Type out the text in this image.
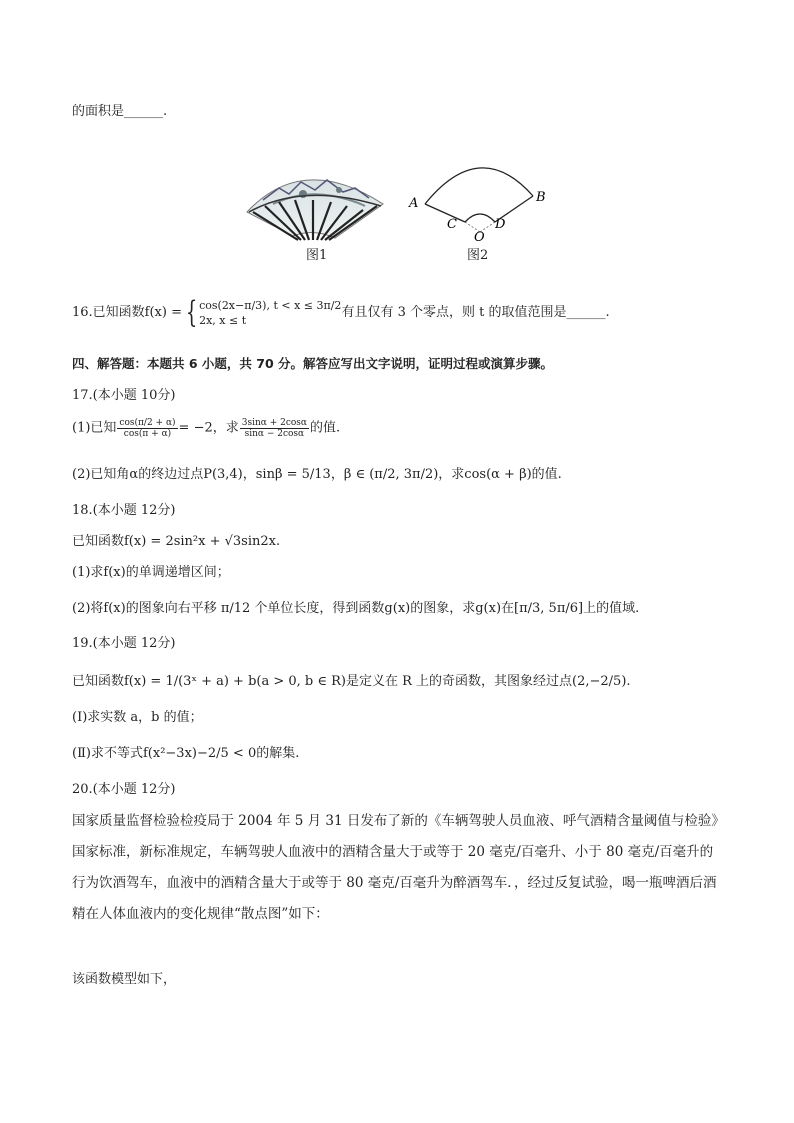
的面积是______.
图1
A	B
C	D
O
图2
16.已知函数f(x) = { cos(2x−π/3), t < x ≤ 3π/2
2x, x ≤ t
有且仅有 3 个零点，则 t 的取值范围是______.
四、解答题：本题共 6 小题，共 70 分。解答应写出文字说明，证明过程或演算步骤。
17.(本小题 10分)
(1)已知 $\frac{\cos(\pi/2 + \alpha)}{\cos(\pi + \alpha)} = -2$，求 $\frac{3\sin\alpha + 2\cos\alpha}{\sin\alpha - 2\cos\alpha}$ 的值.
(2)已知角α的终边过点P(3,4)，sinβ = 5/13，β ∈ (π/2, 3π/2)，求cos(α + β)的值.
18.(本小题 12分)
已知函数f(x) = 2sin²x + √3sin2x.
(1)求f(x)的单调递增区间；
(2)将f(x)的图象向右平移 π/12 个单位长度，得到函数g(x)的图象，求g(x)在[π/3, 5π/6]上的值域.
19.(本小题 12分)
已知函数f(x) = 1/(3ˣ + a) + b(a > 0, b ∈ R)是定义在 R 上的奇函数，其图象经过点(2,−2/5).
(Ⅰ)求实数 a，b 的值；
(Ⅱ)求不等式f(x²−3x)−2/5 < 0的解集.
20.(本小题 12分)
国家质量监督检验检疫局于 2004 年 5 月 31 日发布了新的《车辆驾驶人员血液、呼气酒精含量阈值与检验》国家标准，新标准规定，车辆驾驶人血液中的酒精含量大于或等于 20 毫克/百毫升、小于 80 毫克/百毫升的行为饮酒驾车，血液中的酒精含量大于或等于 80 毫克/百毫升为醉酒驾车．，经过反复试验，喝一瓶啤酒后酒精在人体血液内的变化规律“散点图”如下：
该函数模型如下，
